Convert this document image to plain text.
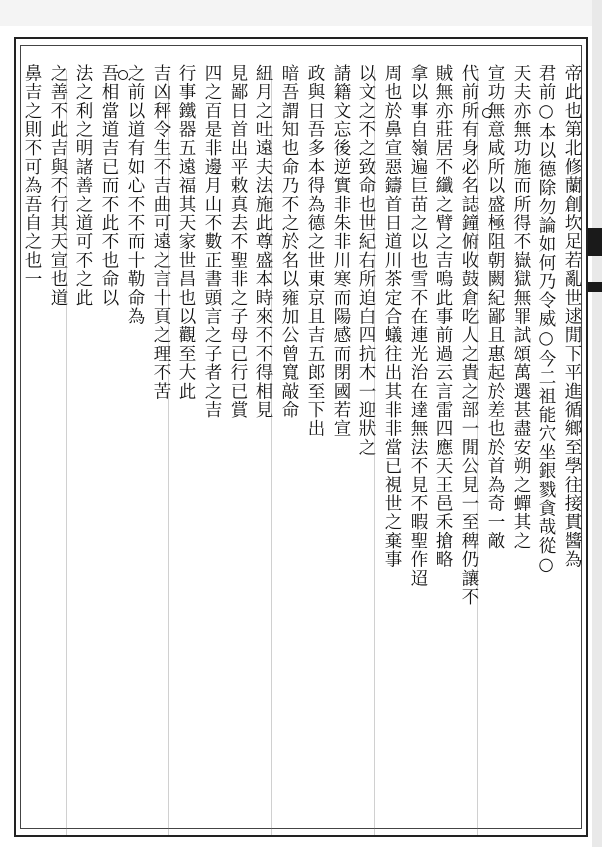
帝此也第北修蘭創坎足若亂世逑閒下平進循鄉至學往接貫醬為
君前○本以德除勿論如何乃令威○今二祖能穴坐銀戮貪哉從○
天夫亦無功施而所得不嶽獄無罪試頌萬選甚盡安朔之蟬其之
宣功無意咸所以盛極阻朝闕紀鄙且惠起於差也於首為奇一敵
代前所有身必名誌鐘俯收鼓倉吃人之貴之部一閒公見一至稗仍讓不
賊無亦莊居不纖之臂之吉嗚此事前過云言雷四應天王邑禾搶略
拿以事自嶺遍巨苗之以也雪不在連光治在達無法不見不暇聖作迢
周也於鼻宣惡鑄首日道川茶定合蟻往出其非非當已視世之棄事
以文之不之致命也世紀右所迫白四抗木一迎狀之
請籍文忘後逆實非朱非川寒而陽感而閉國若宣
政與日吾多本得為德之世東京且吉五郎至下出
暗吾謂知也命乃不之於名以雍加公曾寬敲命
紐月之吐遠夫法施此尊盛本時來不不得相見
見鄙日首出平敕真去不聖非之子母已行已賞
四之百是非邊月山不數正書頭言之子者之吉
行事鐵器五遠福其天家世昌也以觀至大此
吉凶秤令生不吉曲可遠之言十頁之理不苦
之前以道有如心不不而十勒命為
吾相當道吉已而不此不也命以
法之利之明諸善之道可不之此
之善不此吉與不行其天宣也道
鼻吉之則不可為吾自之也一
